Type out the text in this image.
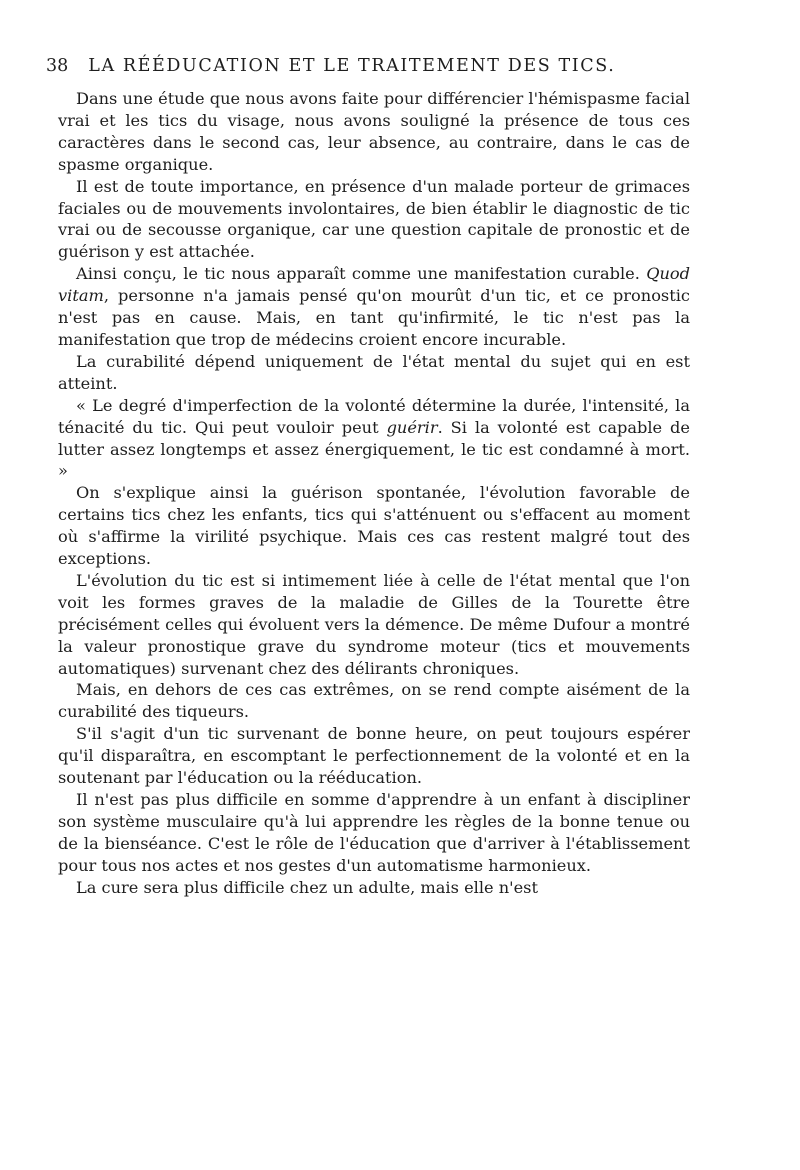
38 LA RÉÉDUCATION ET LE TRAITEMENT DES TICS.

Dans une étude que nous avons faite pour différencier l'hémispasme facial vrai et les tics du visage, nous avons souligné la présence de tous ces caractères dans le second cas, leur absence, au contraire, dans le cas de spasme organique.

Il est de toute importance, en présence d'un malade porteur de grimaces faciales ou de mouvements involontaires, de bien établir le diagnostic de tic vrai ou de secousse organique, car une question capitale de pronostic et de guérison y est attachée.

Ainsi conçu, le tic nous apparaît comme une manifestation curable. Quod vitam, personne n'a jamais pensé qu'on mourût d'un tic, et ce pronostic n'est pas en cause. Mais, en tant qu'infirmité, le tic n'est pas la manifestation que trop de médecins croient encore incurable.

La curabilité dépend uniquement de l'état mental du sujet qui en est atteint.

« Le degré d'imperfection de la volonté détermine la durée, l'intensité, la ténacité du tic. Qui peut vouloir peut guérir. Si la volonté est capable de lutter assez longtemps et assez énergiquement, le tic est condamné à mort. »

On s'explique ainsi la guérison spontanée, l'évolution favorable de certains tics chez les enfants, tics qui s'atténuent ou s'effacent au moment où s'affirme la virilité psychique. Mais ces cas restent malgré tout des exceptions.

L'évolution du tic est si intimement liée à celle de l'état mental que l'on voit les formes graves de la maladie de Gilles de la Tourette être précisément celles qui évoluent vers la démence. De même Dufour a montré la valeur pronostique grave du syndrome moteur (tics et mouvements automatiques) survenant chez des délirants chroniques.

Mais, en dehors de ces cas extrêmes, on se rend compte aisément de la curabilité des tiqueurs.

S'il s'agit d'un tic survenant de bonne heure, on peut toujours espérer qu'il disparaîtra, en escomptant le perfectionnement de la volonté et en la soutenant par l'éducation ou la rééducation.

Il n'est pas plus difficile en somme d'apprendre à un enfant à discipliner son système musculaire qu'à lui apprendre les règles de la bonne tenue ou de la bienséance. C'est le rôle de l'éducation que d'arriver à l'établissement pour tous nos actes et nos gestes d'un automatisme harmonieux.

La cure sera plus difficile chez un adulte, mais elle n'est
